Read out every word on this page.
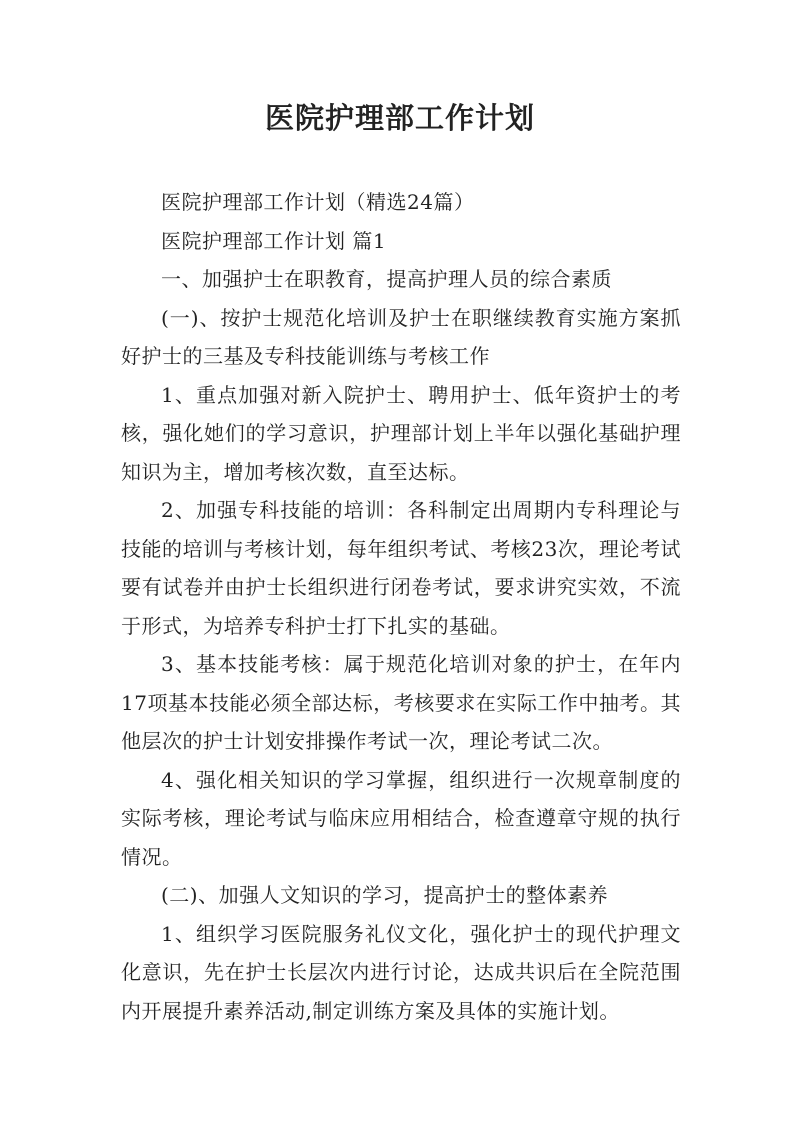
医院护理部工作计划

医院护理部工作计划（精选24篇）

医院护理部工作计划 篇1

一、加强护士在职教育，提高护理人员的综合素质

(一)、按护士规范化培训及护士在职继续教育实施方案抓好护士的三基及专科技能训练与考核工作

1、重点加强对新入院护士、聘用护士、低年资护士的考核，强化她们的学习意识，护理部计划上半年以强化基础护理知识为主，增加考核次数，直至达标。

2、加强专科技能的培训：各科制定出周期内专科理论与技能的培训与考核计划，每年组织考试、考核23次，理论考试要有试卷并由护士长组织进行闭卷考试，要求讲究实效，不流于形式，为培养专科护士打下扎实的基础。

3、基本技能考核：属于规范化培训对象的护士，在年内17项基本技能必须全部达标，考核要求在实际工作中抽考。其他层次的护士计划安排操作考试一次，理论考试二次。

4、强化相关知识的学习掌握，组织进行一次规章制度的实际考核，理论考试与临床应用相结合，检查遵章守规的执行情况。

(二)、加强人文知识的学习，提高护士的整体素养

1、组织学习医院服务礼仪文化，强化护士的现代护理文化意识，先在护士长层次内进行讨论，达成共识后在全院范围内开展提升素养活动,制定训练方案及具体的实施计划。
